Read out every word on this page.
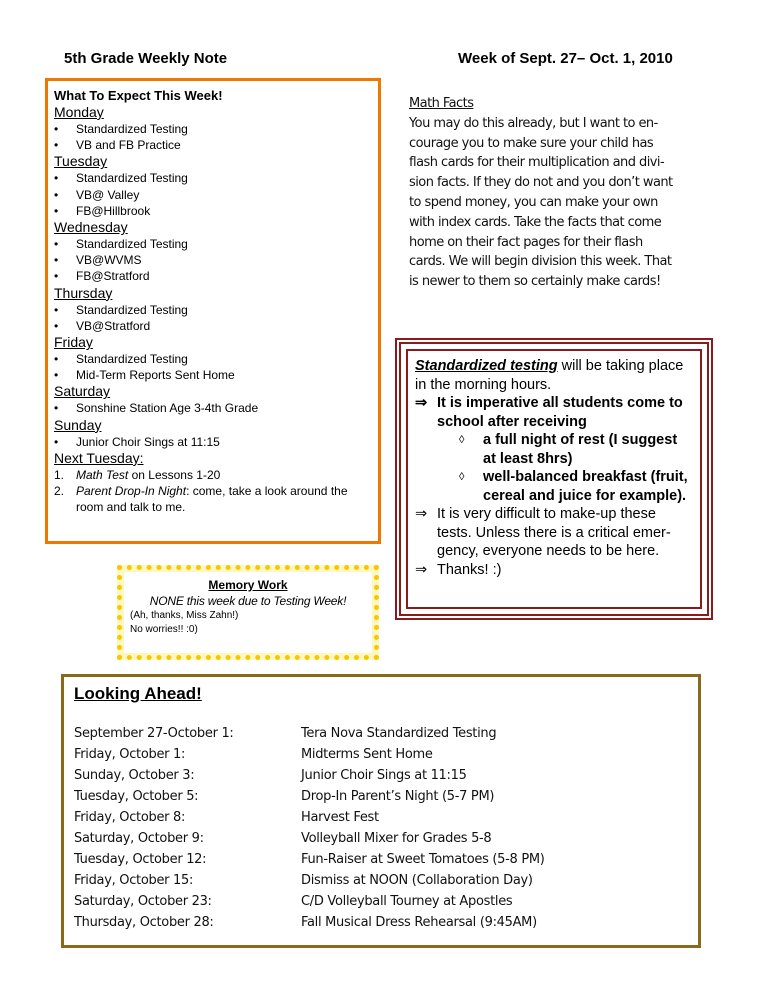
5th Grade Weekly Note	Week of Sept. 27– Oct. 1, 2010
What To Expect This Week!
Monday
• Standardized Testing
• VB and FB Practice
Tuesday
• Standardized Testing
• VB@ Valley
• FB@Hillbrook
Wednesday
• Standardized Testing
• VB@WVMS
• FB@Stratford
Thursday
• Standardized Testing
• VB@Stratford
Friday
• Standardized Testing
• Mid-Term Reports Sent Home
Saturday
• Sonshine Station Age 3-4th Grade
Sunday
• Junior Choir Sings at 11:15
Next Tuesday:
1. Math Test on Lessons 1-20
2. Parent Drop-In Night: come, take a look around the room and talk to me.
Math Facts
You may do this already, but I want to en-
courage you to make sure your child has
flash cards for their multiplication and divi-
sion facts. If they do not and you don’t want
to spend money, you can make your own
with index cards. Take the facts that come
home on their fact pages for their flash
cards. We will begin division this week. That
is newer to them so certainly make cards!
Standardized testing will be taking place in the morning hours.
⇒ It is imperative all students come to school after receiving
◊ a full night of rest (I suggest at least 8hrs)
◊ well-balanced breakfast (fruit, cereal and juice for example).
⇒ It is very difficult to make-up these tests. Unless there is a critical emer-gency, everyone needs to be here.
⇒ Thanks! :)
Memory Work
NONE this week due to Testing Week!
(Ah, thanks, Miss Zahn!)
No worries!! :0)
Looking Ahead!
September 27-October 1:	Tera Nova Standardized Testing
Friday, October 1:	Midterms Sent Home
Sunday, October 3:	Junior Choir Sings at 11:15
Tuesday, October 5:	Drop-In Parent’s Night (5-7 PM)
Friday, October 8:	Harvest Fest
Saturday, October 9:	Volleyball Mixer for Grades 5-8
Tuesday, October 12:	Fun-Raiser at Sweet Tomatoes (5-8 PM)
Friday, October 15:	Dismiss at NOON (Collaboration Day)
Saturday, October 23:	C/D Volleyball Tourney at Apostles
Thursday, October 28:	Fall Musical Dress Rehearsal (9:45AM)
